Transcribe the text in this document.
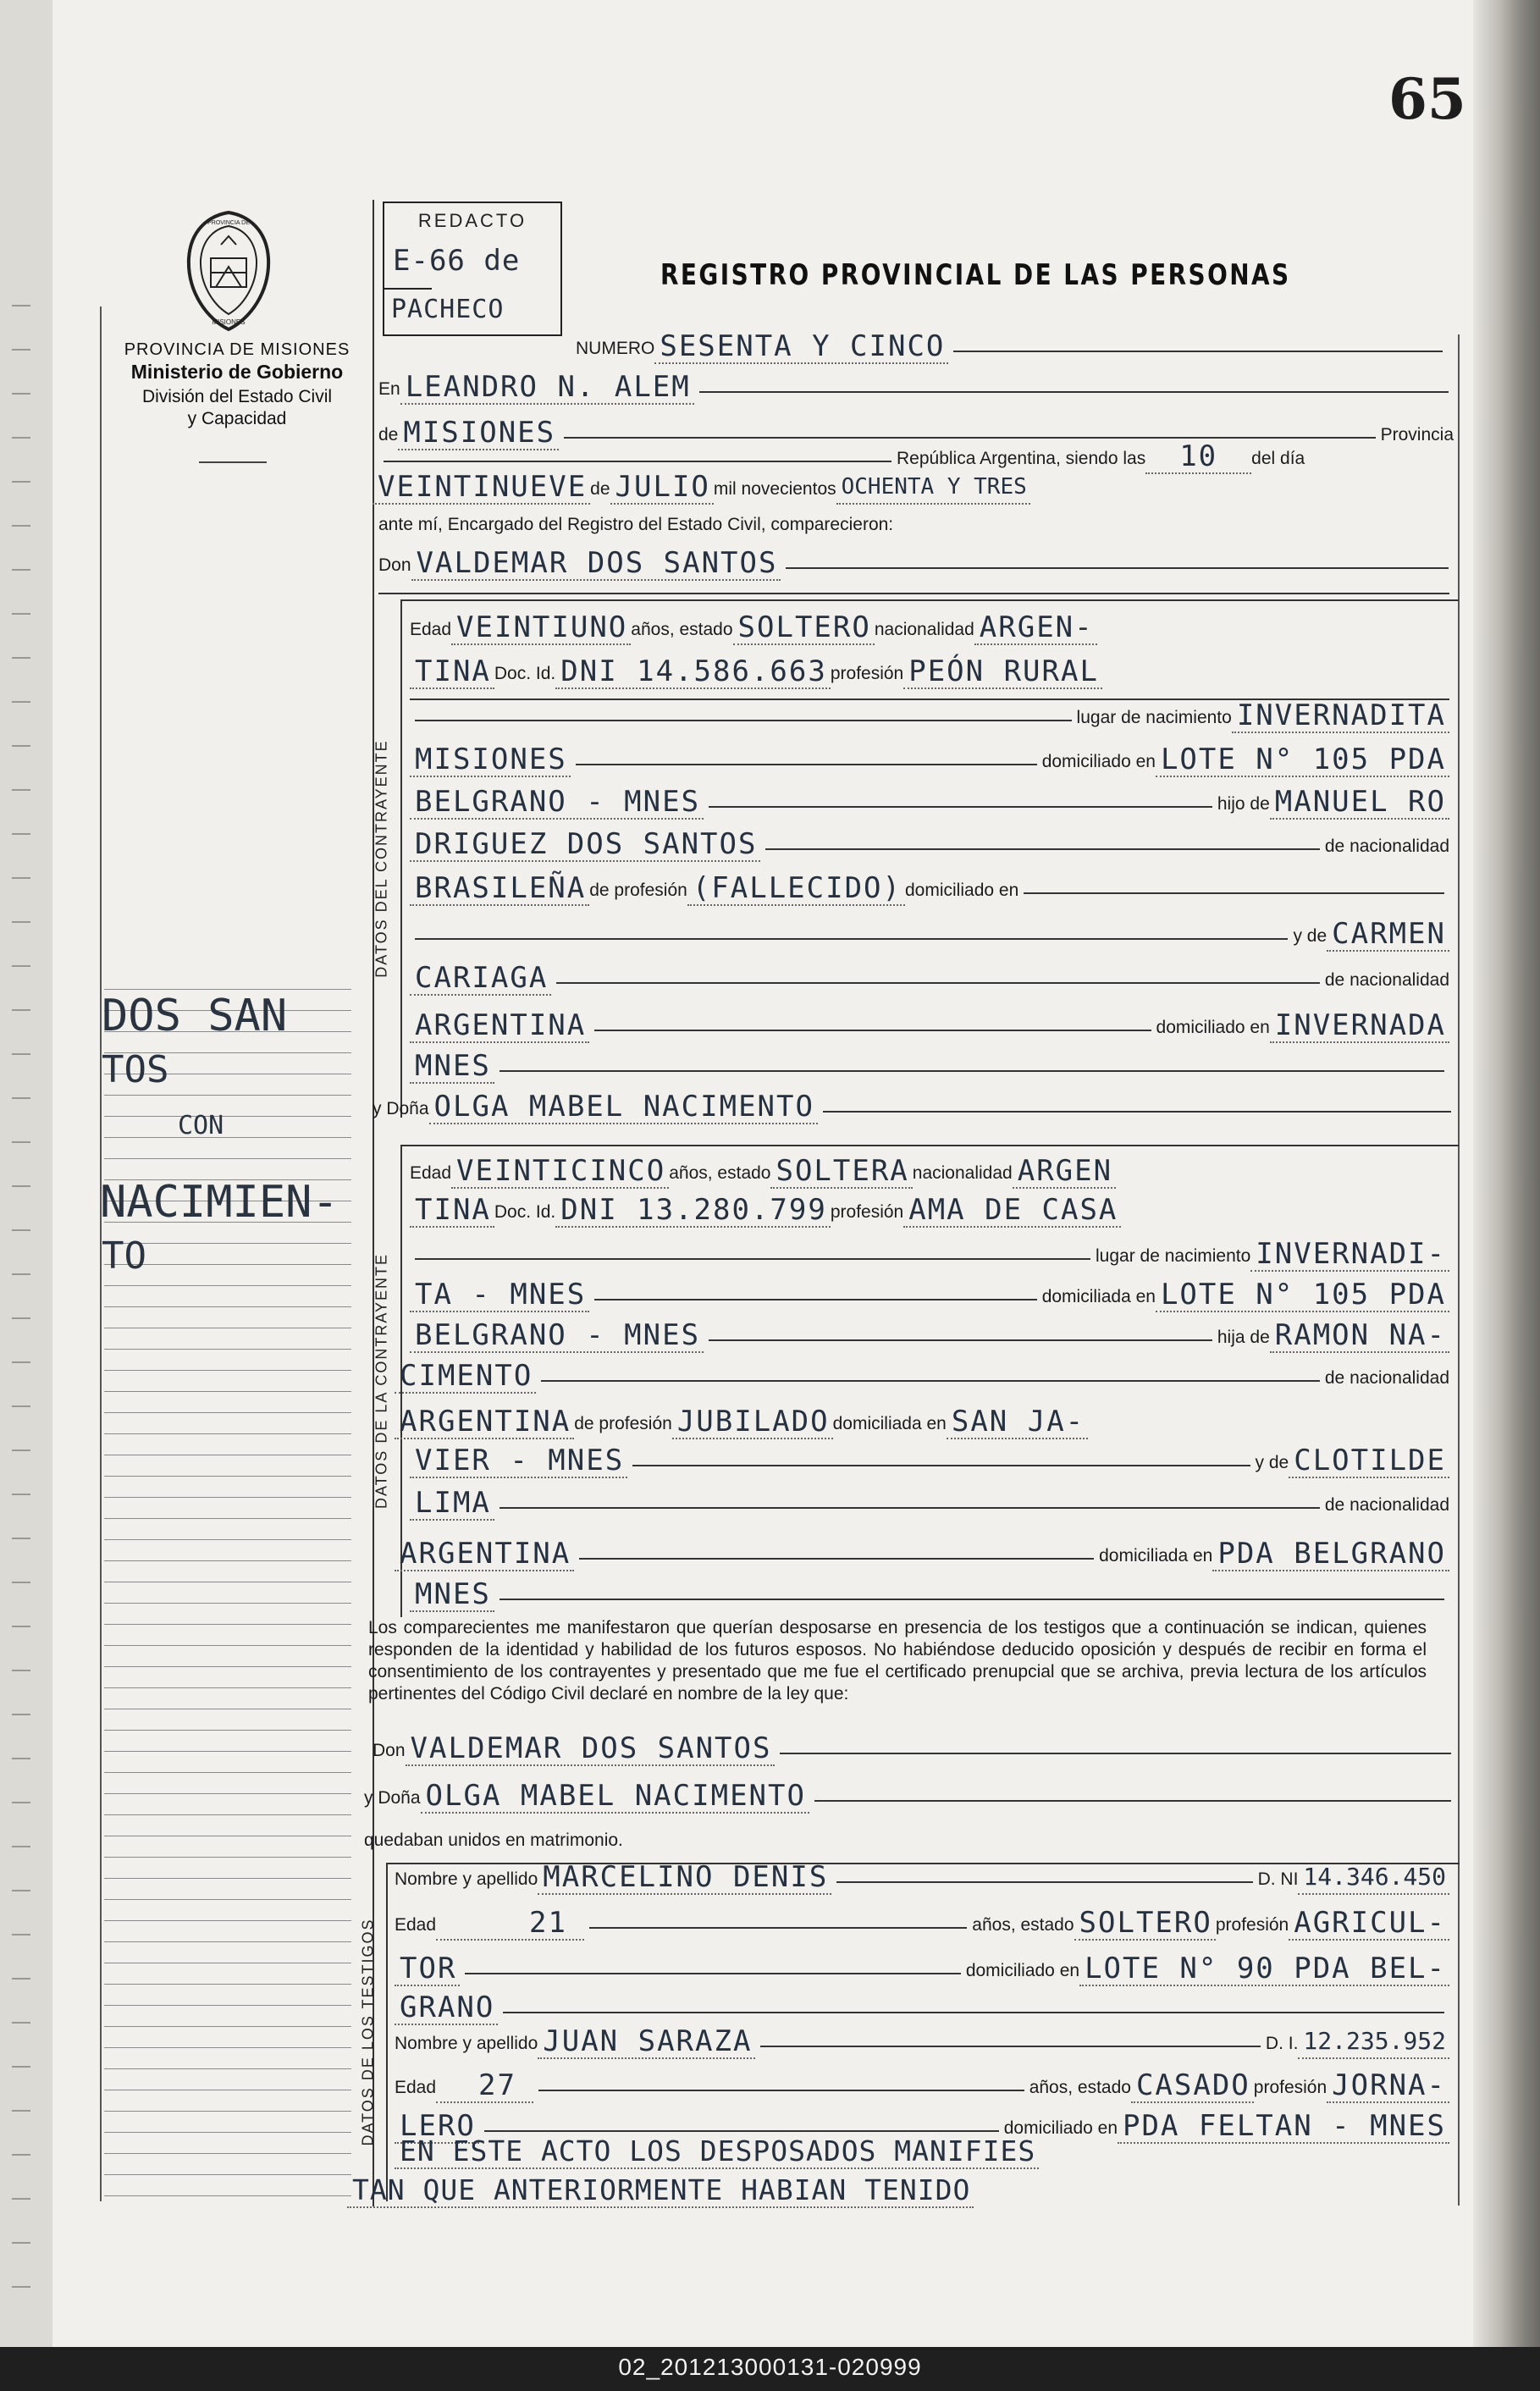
65
PROVINCIA DE
MISIONES
PROVINCIA DE MISIONES
Ministerio de Gobierno
División del Estado Civil
y Capacidad
REDACTO
E-66 de
PACHECO
REGISTRO PROVINCIAL DE LAS PERSONAS
DATOS DEL CONTRAYENTE
DATOS DE LA CONTRAYENTE
DATOS DE LOS TESTIGOS
DOS SAN
TOS
CON
NACIMIEN-
TO
NUMERO SESENTA Y CINCO
En LEANDRO N. ALEM
de MISIONES	Provincia
República Argentina, siendo las	10	del día
VEINTINUEVE de JULIO mil novecientos OCHENTA Y TRES
ante mí, Encargado del Registro del Estado Civil, comparecieron:
Don VALDEMAR DOS SANTOS
Edad VEINTIUNO años, estado SOLTERO nacionalidad ARGEN-
TINA Doc. Id. DNI 14.586.663 profesión PEÓN RURAL
lugar de nacimiento INVERNADITA
MISIONES	domiciliado en LOTE N° 105 PDA
BELGRANO - MNES	hijo de MANUEL RO
DRIGUEZ DOS SANTOS	de nacionalidad
BRASILEÑA de profesión (FALLECIDO) domiciliado en
y de CARMEN
CARIAGA	de nacionalidad
ARGENTINA	domiciliado en INVERNADA
MNES
y Doña OLGA MABEL NACIMENTO
Edad VEINTICINCO años, estado SOLTERA nacionalidad ARGEN
TINA Doc. Id. DNI 13.280.799 profesión AMA DE CASA
lugar de nacimiento INVERNADI-
TA - MNES	domiciliada en LOTE N° 105 PDA
BELGRANO - MNES	hija de RAMON NA-
CIMENTO	de nacionalidad
ARGENTINA de profesión JUBILADO domiciliada en SAN JA-
VIER - MNES	y de CLOTILDE
LIMA	de nacionalidad
ARGENTINA	domiciliada en PDA BELGRANO
MNES
Los comparecientes me manifestaron que querían desposarse en presencia de los testigos que a continuación se indican, quienes responden de la identidad y habilidad de los futuros esposos. No habiéndose deducido oposición y después de recibir en forma el consentimiento de los contrayentes y presentado que me fue el certificado prenupcial que se archiva, previa lectura de los artículos pertinentes del Código Civil declaré en nombre de la ley que:
Don VALDEMAR DOS SANTOS
y Doña OLGA MABEL NACIMENTO
quedaban unidos en matrimonio.
Nombre y apellido MARCELINO DENIS	D. NI 14.346.450
Edad	21	años, estado SOLTERO profesión AGRICUL-
TOR	domiciliado en LOTE N° 90 PDA BEL-
GRANO
Nombre y apellido JUAN SARAZA	D. I. 12.235.952
Edad	27	años, estado CASADO profesión JORNA-
LERO	domiciliado en PDA FELTAN - MNES
EN ESTE ACTO LOS DESPOSADOS MANIFIES
TAN QUE ANTERIORMENTE HABIAN TENIDO
02_201213000131-020999
